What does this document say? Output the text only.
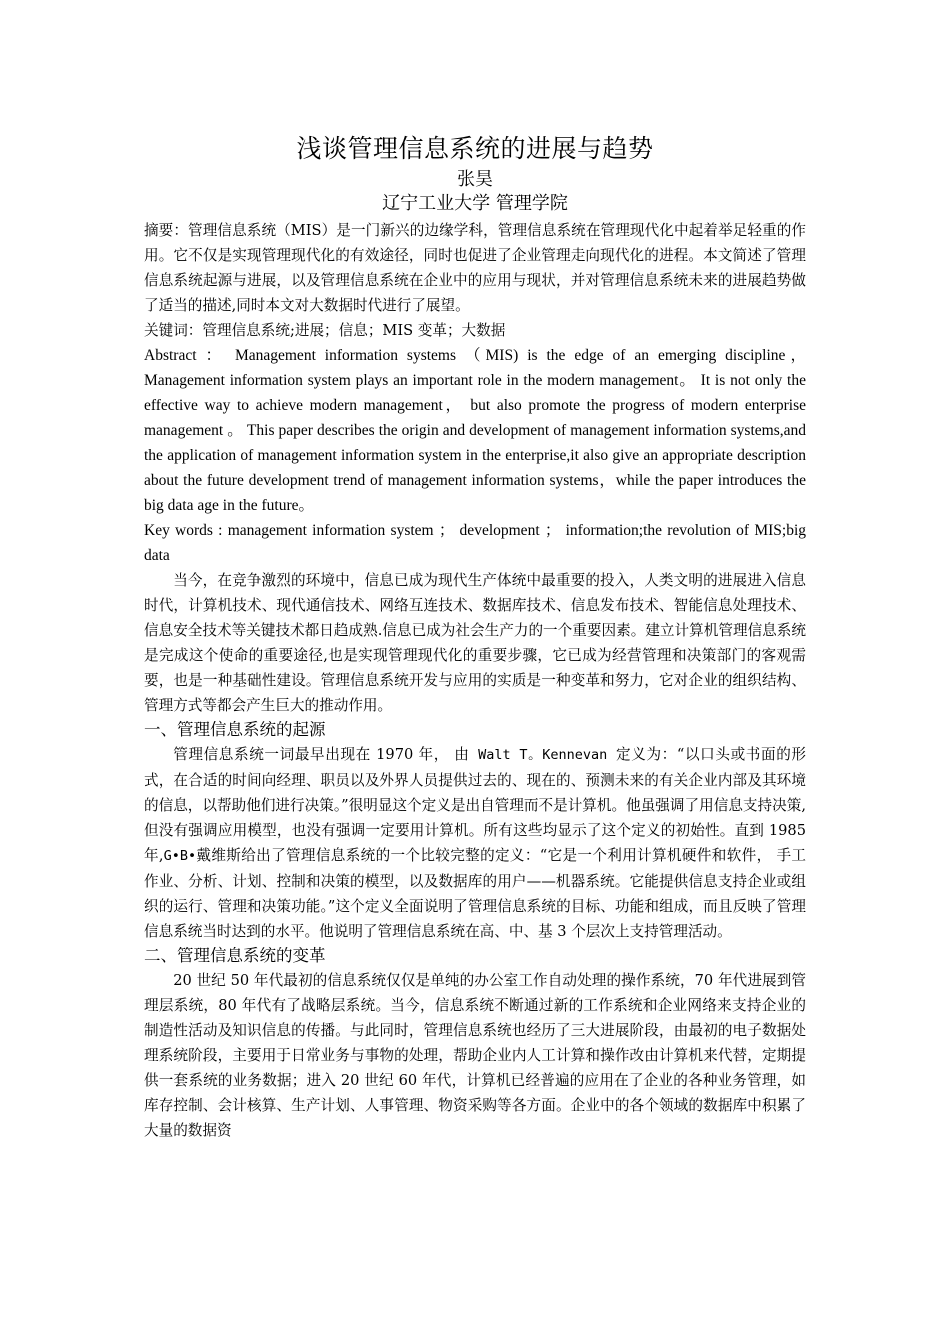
浅谈管理信息系统的进展与趋势

张昊

辽宁工业大学 管理学院

摘要：管理信息系统（MIS）是一门新兴的边缘学科，管理信息系统在管理现代化中起着举足轻重的作用。它不仅是实现管理现代化的有效途径，同时也促进了企业管理走向现代化的进程。本文简述了管理信息系统起源与进展，以及管理信息系统在企业中的应用与现状，并对管理信息系统未来的进展趋势做了适当的描述,同时本文对大数据时代进行了展望。

关键词：管理信息系统;进展；信息；MIS 变革；大数据

Abstract ： Management information systems （MIS) is the edge of an emerging discipline，Management information system plays an important role in the modern management。 It is not only the effective way to achieve modern management， but also promote the progress of modern enterprise management 。 This paper describes the origin and development of management information systems,and the application of management information system in the enterprise,it also give an appropriate description about the future development trend of management information systems，while the paper introduces the big data age in the future。

Key words : management information system ； development ； information;the revolution of MIS;big data

当今，在竞争激烈的环境中，信息已成为现代生产体统中最重要的投入，人类文明的进展进入信息时代，计算机技术、现代通信技术、网络互连技术、数据库技术、信息发布技术、智能信息处理技术、信息安全技术等关键技术都日趋成熟.信息已成为社会生产力的一个重要因素。建立计算机管理信息系统是完成这个使命的重要途径,也是实现管理现代化的重要步骤，它已成为经营管理和决策部门的客观需要，也是一种基础性建设。管理信息系统开发与应用的实质是一种变革和努力，它对企业的组织结构、管理方式等都会产生巨大的推动作用。

一、管理信息系统的起源

管理信息系统一词最早出现在 1970 年， 由 Walt T。Kennevan 定义为：“以口头或书面的形式，在合适的时间向经理、职员以及外界人员提供过去的、现在的、预测未来的有关企业内部及其环境的信息，以帮助他们进行决策。”很明显这个定义是出自管理而不是计算机。他虽强调了用信息支持决策,但没有强调应用模型，也没有强调一定要用计算机。所有这些均显示了这个定义的初始性。直到 1985 年,G•B•戴维斯给出了管理信息系统的一个比较完整的定义：“它是一个利用计算机硬件和软件， 手工作业、分析、计划、控制和决策的模型，以及数据库的用户——机器系统。它能提供信息支持企业或组织的运行、管理和决策功能。”这个定义全面说明了管理信息系统的目标、功能和组成，而且反映了管理信息系统当时达到的水平。他说明了管理信息系统在高、中、基 3 个层次上支持管理活动。

二、管理信息系统的变革

20 世纪 50 年代最初的信息系统仅仅是单纯的办公室工作自动处理的操作系统，70 年代进展到管理层系统，80 年代有了战略层系统。当今，信息系统不断通过新的工作系统和企业网络来支持企业的制造性活动及知识信息的传播。与此同时，管理信息系统也经历了三大进展阶段，由最初的电子数据处理系统阶段，主要用于日常业务与事物的处理，帮助企业内人工计算和操作改由计算机来代替，定期提供一套系统的业务数据；进入 20 世纪 60 年代，计算机已经普遍的应用在了企业的各种业务管理，如库存控制、会计核算、生产计划、人事管理、物资采购等各方面。企业中的各个领域的数据库中积累了大量的数据资
